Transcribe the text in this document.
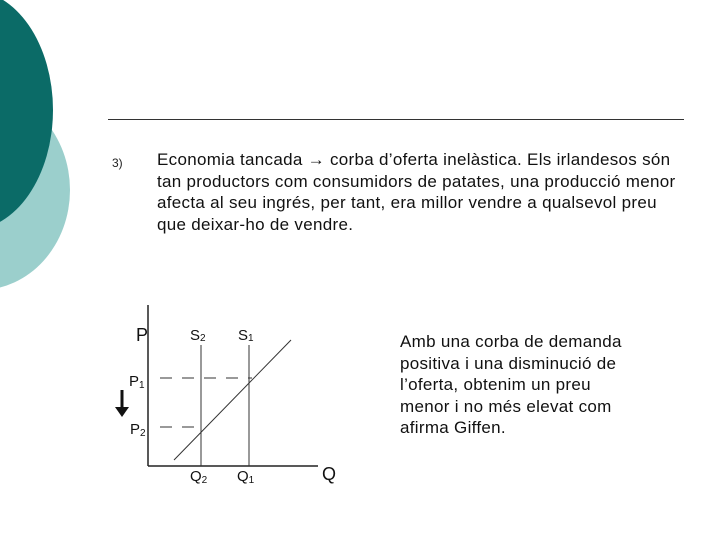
3) Economia tancada → corba d’oferta inelàstica. Els irlandesos són tan productors com consumidors de patates, una producció menor afecta al seu ingrés, per tant, era millor vendre a qualsevol preu que deixar-ho de vendre.
P
Q
S2 S1
P1
P2
Q2 Q1
Amb una corba de demanda positiva i una disminució de l’oferta, obtenim un preu menor i no més elevat com afirma Giffen.
